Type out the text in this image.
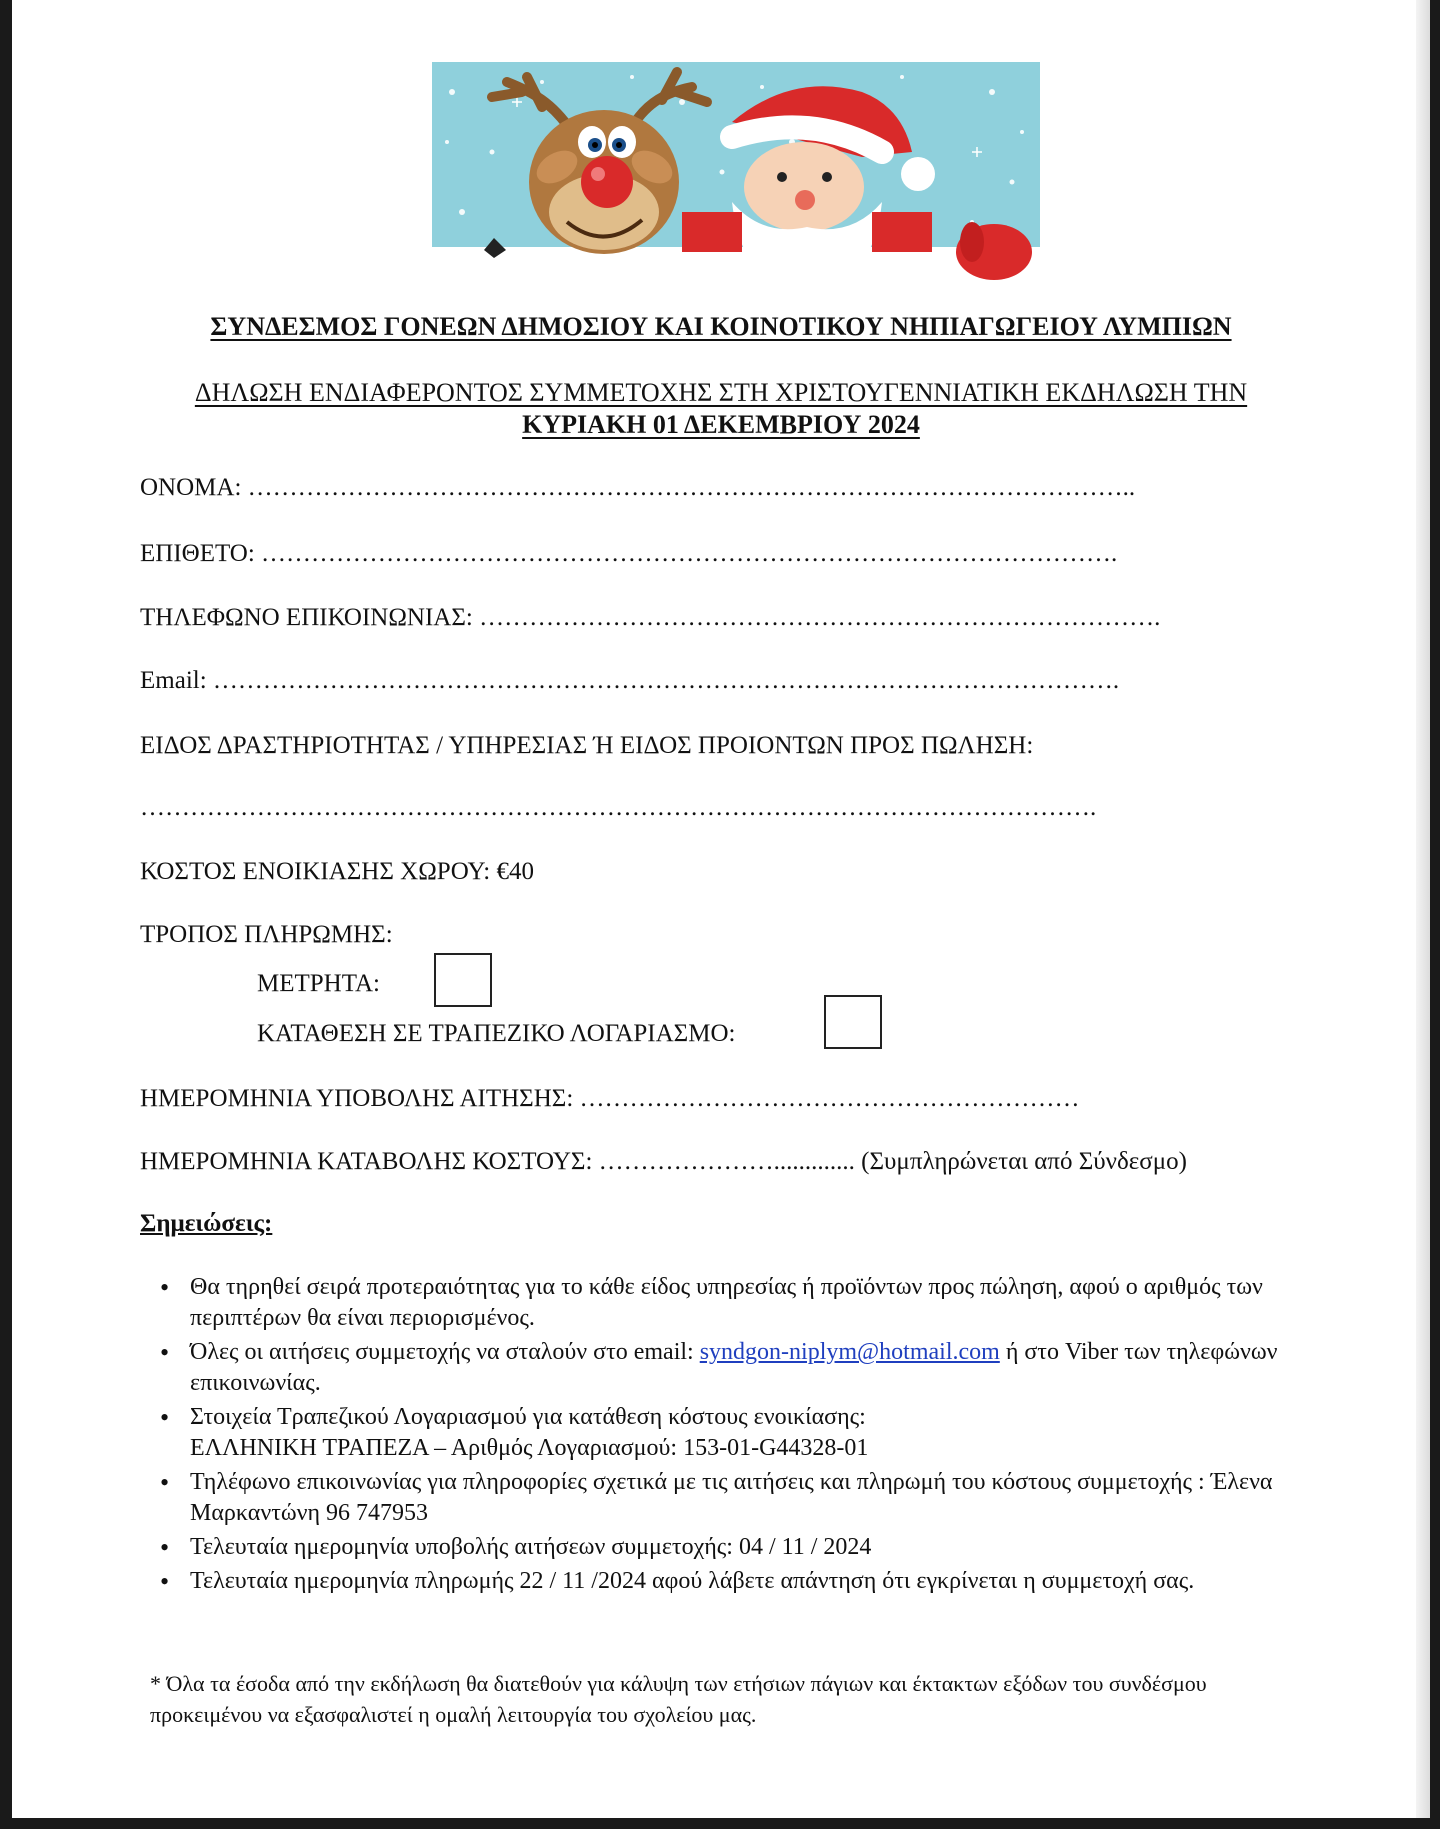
ΣΥΝΔΕΣΜΟΣ ΓΟΝΕΩΝ ΔΗΜΟΣΙΟΥ ΚΑΙ ΚΟΙΝΟΤΙΚΟΥ ΝΗΠΙΑΓΩΓΕΙΟΥ ΛΥΜΠΙΩΝ
ΔΗΛΩΣΗ ΕΝΔΙΑΦΕΡΟΝΤΟΣ ΣΥΜΜΕΤΟΧΗΣ ΣΤΗ ΧΡΙΣΤΟΥΓΕΝΝΙΑΤΙΚΗ ΕΚΔΗΛΩΣΗ ΤΗΝ
ΚΥΡΙΑΚΗ 01 ΔΕΚΕΜΒΡΙΟΥ 2024
ΟΝΟΜΑ: ……………………………………………………………………………………………..
ΕΠΙΘΕΤΟ: ………………………………………………………………………………………….
ΤΗΛΕΦΩΝΟ ΕΠΙΚΟΙΝΩΝΙΑΣ: ……………………………………………………………………….
Email: ……………………………………………………………………………………………….
ΕΙΔΟΣ ΔΡΑΣΤΗΡΙΟΤΗΤΑΣ / ΥΠΗΡΕΣΙΑΣ Ή ΕΙΔΟΣ ΠΡΟΙΟΝΤΩΝ ΠΡΟΣ ΠΩΛΗΣΗ:
…………………………………………………………………………………………………….
ΚΟΣΤΟΣ ΕΝΟΙΚΙΑΣΗΣ ΧΩΡΟΥ: €40
ΤΡΟΠΟΣ ΠΛΗΡΩΜΗΣ:
ΜΕΤΡΗΤΑ:
ΚΑΤΑΘΕΣΗ ΣΕ ΤΡΑΠΕΖΙΚΟ ΛΟΓΑΡΙΑΣΜΟ:
ΗΜΕΡΟΜΗΝΙΑ ΥΠΟΒΟΛΗΣ ΑΙΤΗΣΗΣ: ……………………………………………………
ΗΜΕΡΟΜΗΝΙΑ ΚΑΤΑΒΟΛΗΣ ΚΟΣΤΟΥΣ: …………………............. (Συμπληρώνεται από Σύνδεσμο)
Σημειώσεις:
• Θα τηρηθεί σειρά προτεραιότητας για το κάθε είδος υπηρεσίας ή προϊόντων προς πώληση, αφού ο αριθμός των περιπτέρων θα είναι περιορισμένος.
• Όλες οι αιτήσεις συμμετοχής να σταλούν στο email: syndgon-niplym@hotmail.com ή στο Viber των τηλεφώνων επικοινωνίας.
• Στοιχεία Τραπεζικού Λογαριασμού για κατάθεση κόστους ενοικίασης:
ΕΛΛΗΝΙΚΗ ΤΡΑΠΕΖΑ – Αριθμός Λογαριασμού: 153-01-G44328-01
• Τηλέφωνο επικοινωνίας για πληροφορίες σχετικά με τις αιτήσεις και πληρωμή του κόστους συμμετοχής : Έλενα Μαρκαντώνη 96 747953
• Τελευταία ημερομηνία υποβολής αιτήσεων συμμετοχής: 04 / 11 / 2024
• Τελευταία ημερομηνία πληρωμής 22 / 11 /2024 αφού λάβετε απάντηση ότι εγκρίνεται η συμμετοχή σας.
* Όλα τα έσοδα από την εκδήλωση θα διατεθούν για κάλυψη των ετήσιων πάγιων και έκτακτων εξόδων του συνδέσμου προκειμένου να εξασφαλιστεί η ομαλή λειτουργία του σχολείου μας.
